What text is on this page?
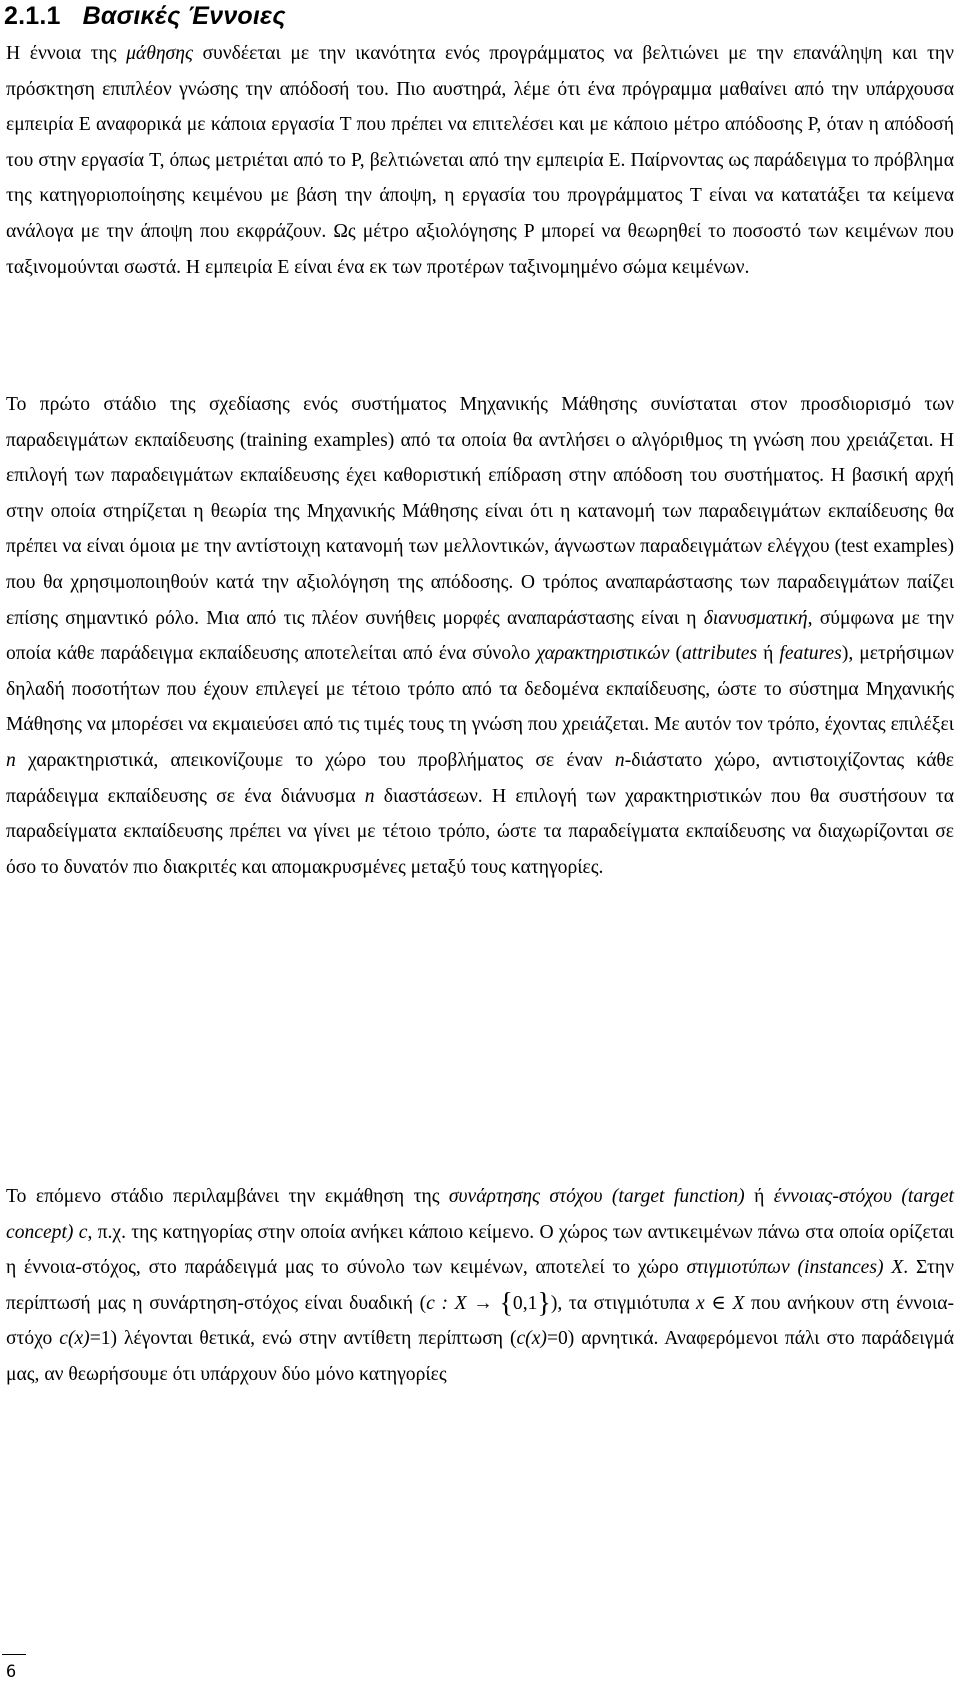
2.1.1 Βασικές Έννοιες

Η έννοια της μάθησης συνδέεται με την ικανότητα ενός προγράμματος να βελτιώνει με την επανάληψη και την πρόσκτηση επιπλέον γνώσης την απόδοσή του. Πιο αυστηρά, λέμε ότι ένα πρόγραμμα μαθαίνει από την υπάρχουσα εμπειρία E αναφορικά με κάποια εργασία T που πρέπει να επιτελέσει και με κάποιο μέτρο απόδοσης P, όταν η απόδοσή του στην εργασία T, όπως μετριέται από το P, βελτιώνεται από την εμπειρία E. Παίρνοντας ως παράδειγμα το πρόβλημα της κατηγοριοποίησης κειμένου με βάση την άποψη, η εργασία του προγράμματος T είναι να κατατάξει τα κείμενα ανάλογα με την άποψη που εκφράζουν. Ως μέτρο αξιολόγησης P μπορεί να θεωρηθεί το ποσοστό των κειμένων που ταξινομούνται σωστά. Η εμπειρία E είναι ένα εκ των προτέρων ταξινομημένο σώμα κειμένων.

Το πρώτο στάδιο της σχεδίασης ενός συστήματος Μηχανικής Μάθησης συνίσταται στον προσδιορισμό των παραδειγμάτων εκπαίδευσης (training examples) από τα οποία θα αντλήσει ο αλγόριθμος τη γνώση που χρειάζεται. Η επιλογή των παραδειγμάτων εκπαίδευσης έχει καθοριστική επίδραση στην απόδοση του συστήματος. Η βασική αρχή στην οποία στηρίζεται η θεωρία της Μηχανικής Μάθησης είναι ότι η κατανομή των παραδειγμάτων εκπαίδευσης θα πρέπει να είναι όμοια με την αντίστοιχη κατανομή των μελλοντικών, άγνωστων παραδειγμάτων ελέγχου (test examples) που θα χρησιμοποιηθούν κατά την αξιολόγηση της απόδοσης. Ο τρόπος αναπαράστασης των παραδειγμάτων παίζει επίσης σημαντικό ρόλο. Μια από τις πλέον συνήθεις μορφές αναπαράστασης είναι η διανυσματική, σύμφωνα με την οποία κάθε παράδειγμα εκπαίδευσης αποτελείται από ένα σύνολο χαρακτηριστικών (attributes ή features), μετρήσιμων δηλαδή ποσοτήτων που έχουν επιλεγεί με τέτοιο τρόπο από τα δεδομένα εκπαίδευσης, ώστε το σύστημα Μηχανικής Μάθησης να μπορέσει να εκμαιεύσει από τις τιμές τους τη γνώση που χρειάζεται. Με αυτόν τον τρόπο, έχοντας επιλέξει n χαρακτηριστικά, απεικονίζουμε το χώρο του προβλήματος σε έναν n-διάστατο χώρο, αντιστοιχίζοντας κάθε παράδειγμα εκπαίδευσης σε ένα διάνυσμα n διαστάσεων. Η επιλογή των χαρακτηριστικών που θα συστήσουν τα παραδείγματα εκπαίδευσης πρέπει να γίνει με τέτοιο τρόπο, ώστε τα παραδείγματα εκπαίδευσης να διαχωρίζονται σε όσο το δυνατόν πιο διακριτές και απομακρυσμένες μεταξύ τους κατηγορίες.

Το επόμενο στάδιο περιλαμβάνει την εκμάθηση της συνάρτησης στόχου (target function) ή έννοιας-στόχου (target concept) c, π.χ. της κατηγορίας στην οποία ανήκει κάποιο κείμενο. Ο χώρος των αντικειμένων πάνω στα οποία ορίζεται η έννοια-στόχος, στο παράδειγμά μας το σύνολο των κειμένων, αποτελεί το χώρο στιγμιοτύπων (instances) X. Στην περίπτωσή μας η συνάρτηση-στόχος είναι δυαδική (c : X → {0,1}), τα στιγμιότυπα x ∈ X που ανήκουν στη έννοια-στόχο c(x)=1) λέγονται θετικά, ενώ στην αντίθετη περίπτωση (c(x)=0) αρνητικά. Αναφερόμενοι πάλι στο παράδειγμά μας, αν θεωρήσουμε ότι υπάρχουν δύο μόνο κατηγορίες

6
